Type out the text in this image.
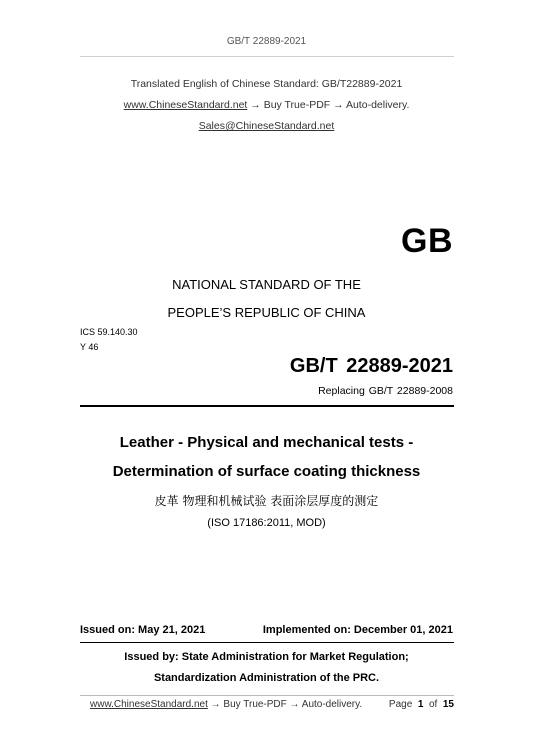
GB/T 22889-2021
Translated English of Chinese Standard: GB/T22889-2021
www.ChineseStandard.net → Buy True-PDF → Auto-delivery.
Sales@ChineseStandard.net
GB
NATIONAL STANDARD OF THE
PEOPLE’S REPUBLIC OF CHINA
ICS 59.140.30
Y 46
GB/T 22889-2021
Replacing GB/T 22889-2008
Leather - Physical and mechanical tests -
Determination of surface coating thickness
皮革 物理和机械试验 表面涂层厚度的测定
(ISO 17186:2011, MOD)
Issued on: May 21, 2021	Implemented on: December 01, 2021
Issued by: State Administration for Market Regulation;
Standardization Administration of the PRC.
www.ChineseStandard.net → Buy True-PDF → Auto-delivery.	Page 1 of 15
